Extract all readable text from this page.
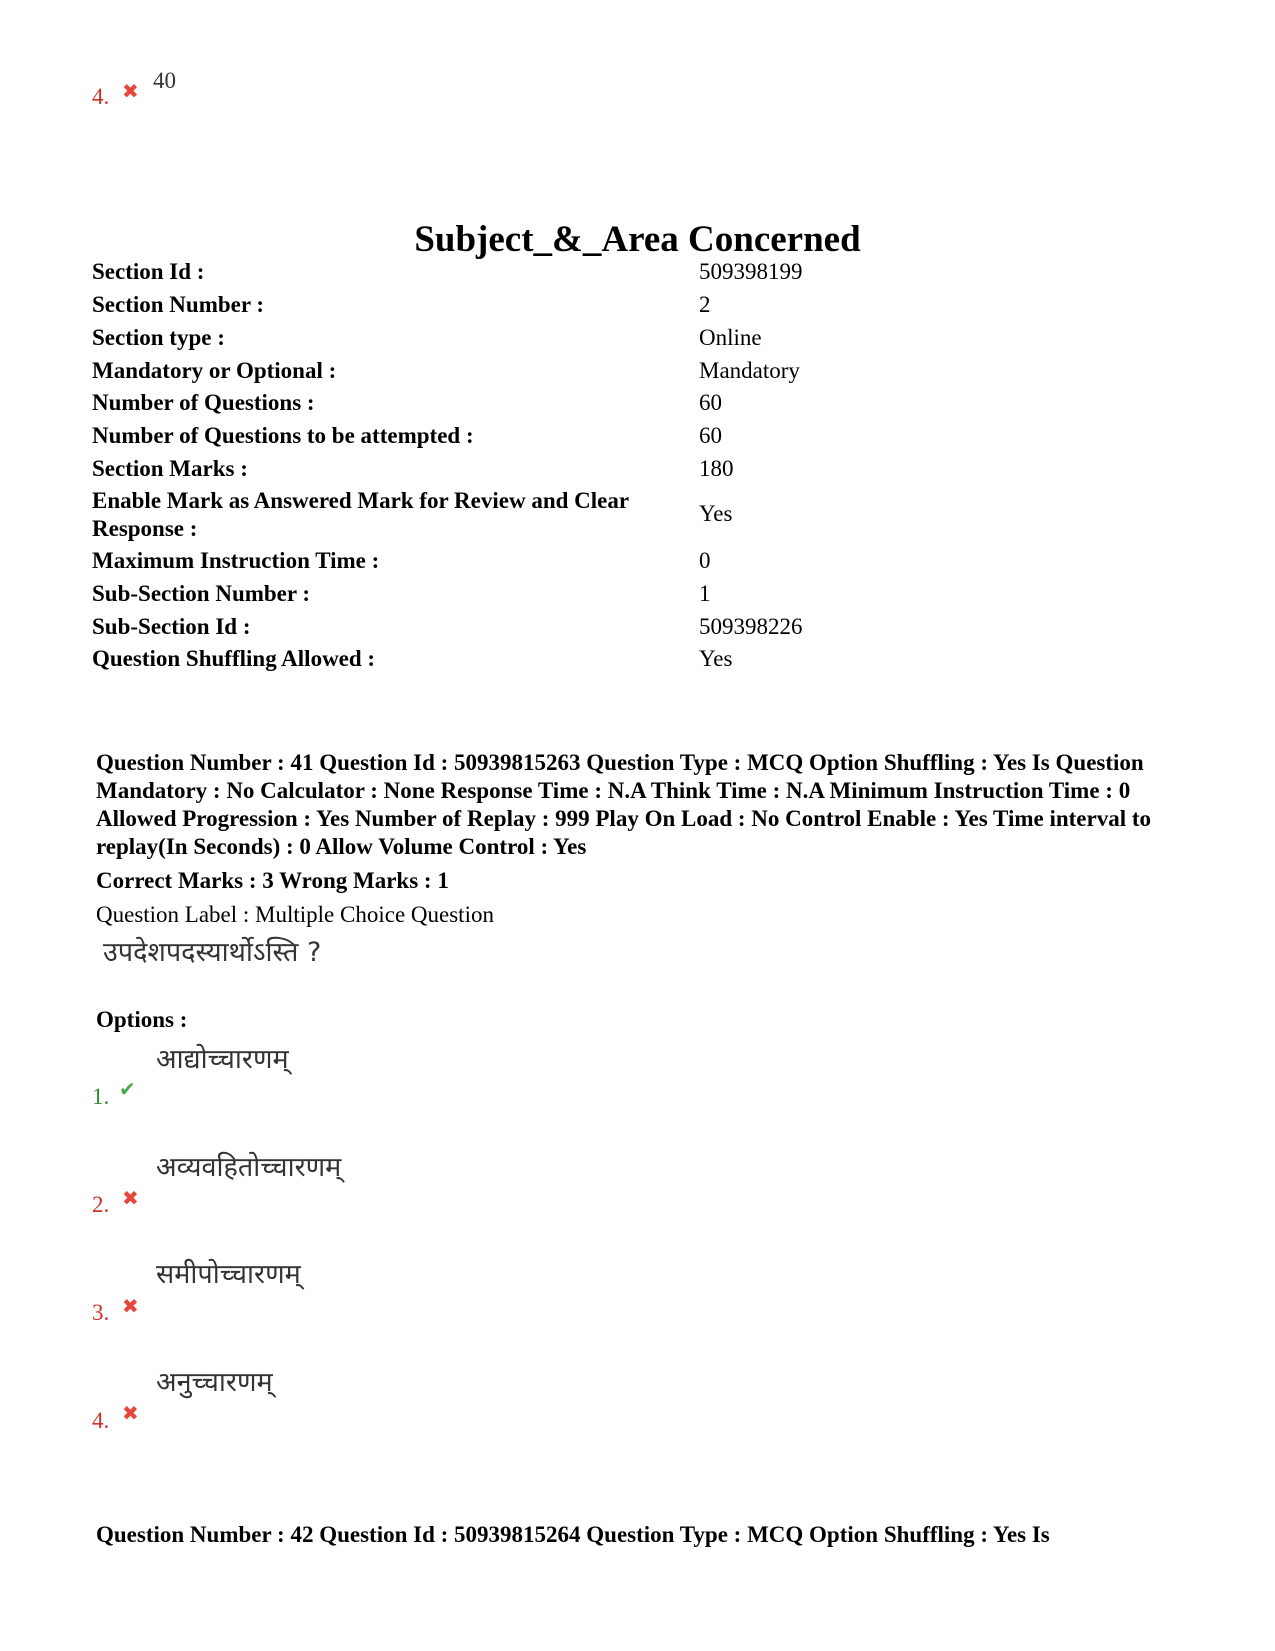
4. ✖ 40
Subject_&_Area Concerned
Section Id :	509398199
Section Number :	2
Section type :	Online
Mandatory or Optional :	Mandatory
Number of Questions :	60
Number of Questions to be attempted :	60
Section Marks :	180
Enable Mark as Answered Mark for Review and Clear Response :
Yes
Maximum Instruction Time :	0
Sub-Section Number :	1
Sub-Section Id :	509398226
Question Shuffling Allowed :	Yes
Question Number : 41 Question Id : 50939815263 Question Type : MCQ Option Shuffling : Yes Is Question Mandatory : No Calculator : None Response Time : N.A Think Time : N.A Minimum Instruction Time : 0 Allowed Progression : Yes Number of Replay : 999 Play On Load : No Control Enable : Yes Time interval to replay(In Seconds) : 0 Allow Volume Control : Yes
Correct Marks : 3 Wrong Marks : 1
Question Label : Multiple Choice Question
उपदेशपदस्यार्थोऽस्ति ?
Options :
1. ✔
आद्योच्चारणम्
2. ✖
अव्यवहितोच्चारणम्
3. ✖
समीपोच्चारणम्
4. ✖
अनुच्चारणम्
Question Number : 42 Question Id : 50939815264 Question Type : MCQ Option Shuffling : Yes Is
